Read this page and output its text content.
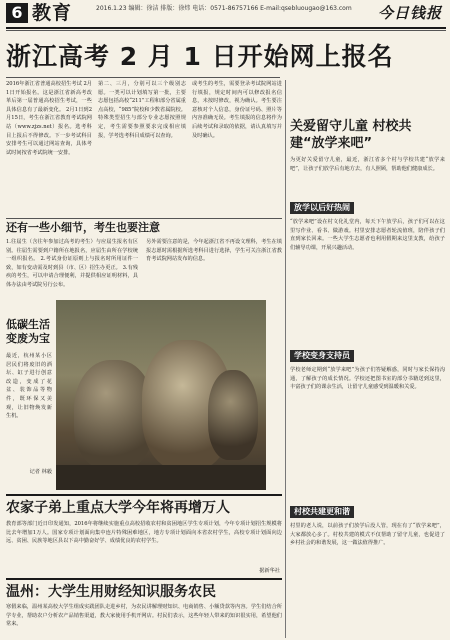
6 教育	2016.1.23 编辑：徐洁 排版：徐炜 电话：0571-86757166 E-mail:qsebluougao@163.com 今日钱报
浙江高考 2 月 1 日开始网上报名
2016年浙江省普通高校招生考试 2月1日开始报名。这是浙江省新高考改革后第一届普通高校招生考试，一些具体信息有了最新变化。 2月1日到2月15日，考生在浙江省教育考试院网站（www.zjzs.net）报名。选考科目上报后不得修改。下一步考试科目安排考生可以通过网站查询，具体考试时间按省考试院统一安排。
第二、三月，分别可以三个级别志愿。一类可以计划填写第一批，主要志愿包括高校“211”工程和部分省属重点高校，“985”院校和少数省属院校。特殊类型招生与部分专业志愿按照规定，考生需要参照要求完成相应填报，学考选考科目成绩可以查询。
或考生的考生，需要登录考试院网站进行填报，规定时间内可以修改报名信息，未按时修改，视为确认。考生要注意核对个人信息，身份证号码、照片等内容准确无误。考生填报的信息将作为后续考试和录取的依据，请认真填写并及时确认。
还有一些小细节，考生也要注意
1.往届生（含往年参加过高考的考生）与应届生报名有区别。往届生需要到户籍所在地报名，应届生由所在学校统一组织报名。 2.考试身份证原则上与报名时所用证件一致，如有变动需及时到县（市、区）招生办更正。 3.有残疾的考生，可以申请合理便利，并提供相应证明材料，具体办法由考试院另行公布。
另外需要注意的是，今年起浙江省不再设文理科，考生在填报志愿时需根据所选考科目进行选择，学生可关注浙江省教育考试院网站发布的信息。
低碳生活变废为宝
最近，杭州某小区居民们将废旧的酒坛、缸子进行创意改造，变成了花盆、装饰品等物件，既环保又美观，让旧物焕发新生机。
记者 林毅
农家子弟上重点大学今年将再增万人
教育部等部门近日印发通知，2016年将继续实施重点高校招收农村和贫困地区学生专项计划，今年专项计划招生规模将比去年增加1万人。国家专项计划面向集中连片特殊困难地区，地方专项计划面向本省农村学生，高校专项计划面向边远、贫困、民族等地区县以下高中勤奋好学、成绩优良的农村学生。
据新华社
温州：大学生用财经知识服务农民
寒假来临，温州某高校大学生组成实践团队走进乡村，为农民讲解理财知识、电商销售、小额贷款等内容。学生们结合所学专业，帮助农户分析农产品销售渠道，教大家使用手机开网店。村民们表示，这些年轻人带来的知识很实用，希望他们常来。
关爱留守儿童 村校共建“放学来吧”
为更好关爱留守儿童，最近，浙江省多个村与学校共建“放学来吧”，让孩子们放学后有地方去，有人照顾，帮助他们健康成长。
放学以后好热闹
“放学来吧”设在村文化礼堂内，每天下午放学后，孩子们可以在这里写作业、看书、做游戏。村里安排志愿者轮流值班，陪伴孩子们直到家长回来。一些大学生志愿者也利用假期来这里支教，给孩子们辅导功课，开展兴趣活动。
学校变身支持员
学校老师定期到“放学来吧”为孩子们答疑解惑，同时与家长保持沟通，了解孩子的成长情况。学校还把图书室的部分书籍送到这里，丰富孩子们的课余生活，让留守儿童感受到温暖和关爱。
村校共建更和谐
村里的老人说，以前孩子们放学后没人管，现在有了“放学来吧”，大家都放心多了。村校共建的模式不仅帮助了留守儿童，也促进了乡村社会的和谐发展，这一做法值得推广。
